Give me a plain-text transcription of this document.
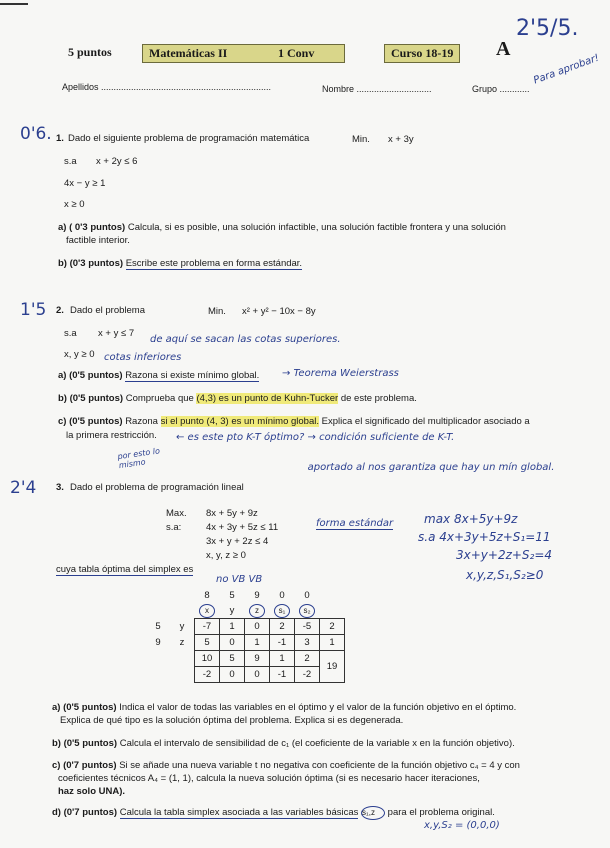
5 puntos	Matemáticas II	1 Conv	Curso 18-19	A
2'5/5.
Para aprobar!
Apellidos ....................................................................	Nombre ..............................	Grupo ............
0'6. 1. Dado el siguiente problema de programación matemática	Min. x + 3y
s.a x + 2y ≤ 6
4x − y ≥ 1
x ≥ 0
a) ( 0'3 puntos) Calcula, si es posible, una solución infactible, una solución factible frontera y una solución
factible interior.
b) (0'3 puntos) Escribe este problema en forma estándar.
1'5 2. Dado el problema	Min. x² + y² − 10x − 8y
s.a x + y ≤ 7
de aquí se sacan las cotas superiores.
x, y ≥ 0 cotas inferiores
a) (0'5 puntos) Razona si existe mínimo global. → Teorema Weierstrass
b) (0'5 puntos) Comprueba que (4,3) es un punto de Kuhn-Tucker de este problema.
c) (0'5 puntos) Razona si el punto (4, 3) es un mínimo global. Explica el significado del multiplicador asociado a
la primera restricción. ← es este pto K-T óptimo? → condición suficiente de K-T.
por esto lo mismo	aportado al nos garantiza que hay un mín global.
2'4 3. Dado el problema de programación lineal
Max. 8x + 5y + 9z
s.a:	4x + 3y + 5z ≤ 11
3x + y + 2z ≤ 4
x, y, z ≥ 0
forma estándar	max 8x+5y+9z
s.a 4x+3y+5z+S₁=11
3x+y+2z+S₂=4
x,y,z,S₁,S₂≥0
cuya tabla óptima del simplex es
no VB VB
		8	5	9	0	0	
		x	y	z	s₁	s₂	
5	y	-7	1	0	2	-5	2
9	z	5	0	1	-1	3	1
		10	5	9	1	2	19
		-2	0	0	-1	-2	
a) (0'5 puntos) Indica el valor de todas las variables en el óptimo y el valor de la función objetivo en el óptimo.
Explica de qué tipo es la solución óptima del problema. Explica si es degenerada.
b) (0'5 puntos) Calcula el intervalo de sensibilidad de c₁ (el coeficiente de la variable x en la función objetivo).
c) (0'7 puntos) Si se añade una nueva variable t no negativa con coeficiente de la función objetivo c₄ = 4 y con
coeficientes técnicos A₄ = (1, 1), calcula la nueva solución óptima (si es necesario hacer iteraciones,
haz solo UNA).
d) (0'7 puntos) Calcula la tabla simplex asociada a las variables básicas s₁,z para el problema original.
x,y,S₂ = (0,0,0)
